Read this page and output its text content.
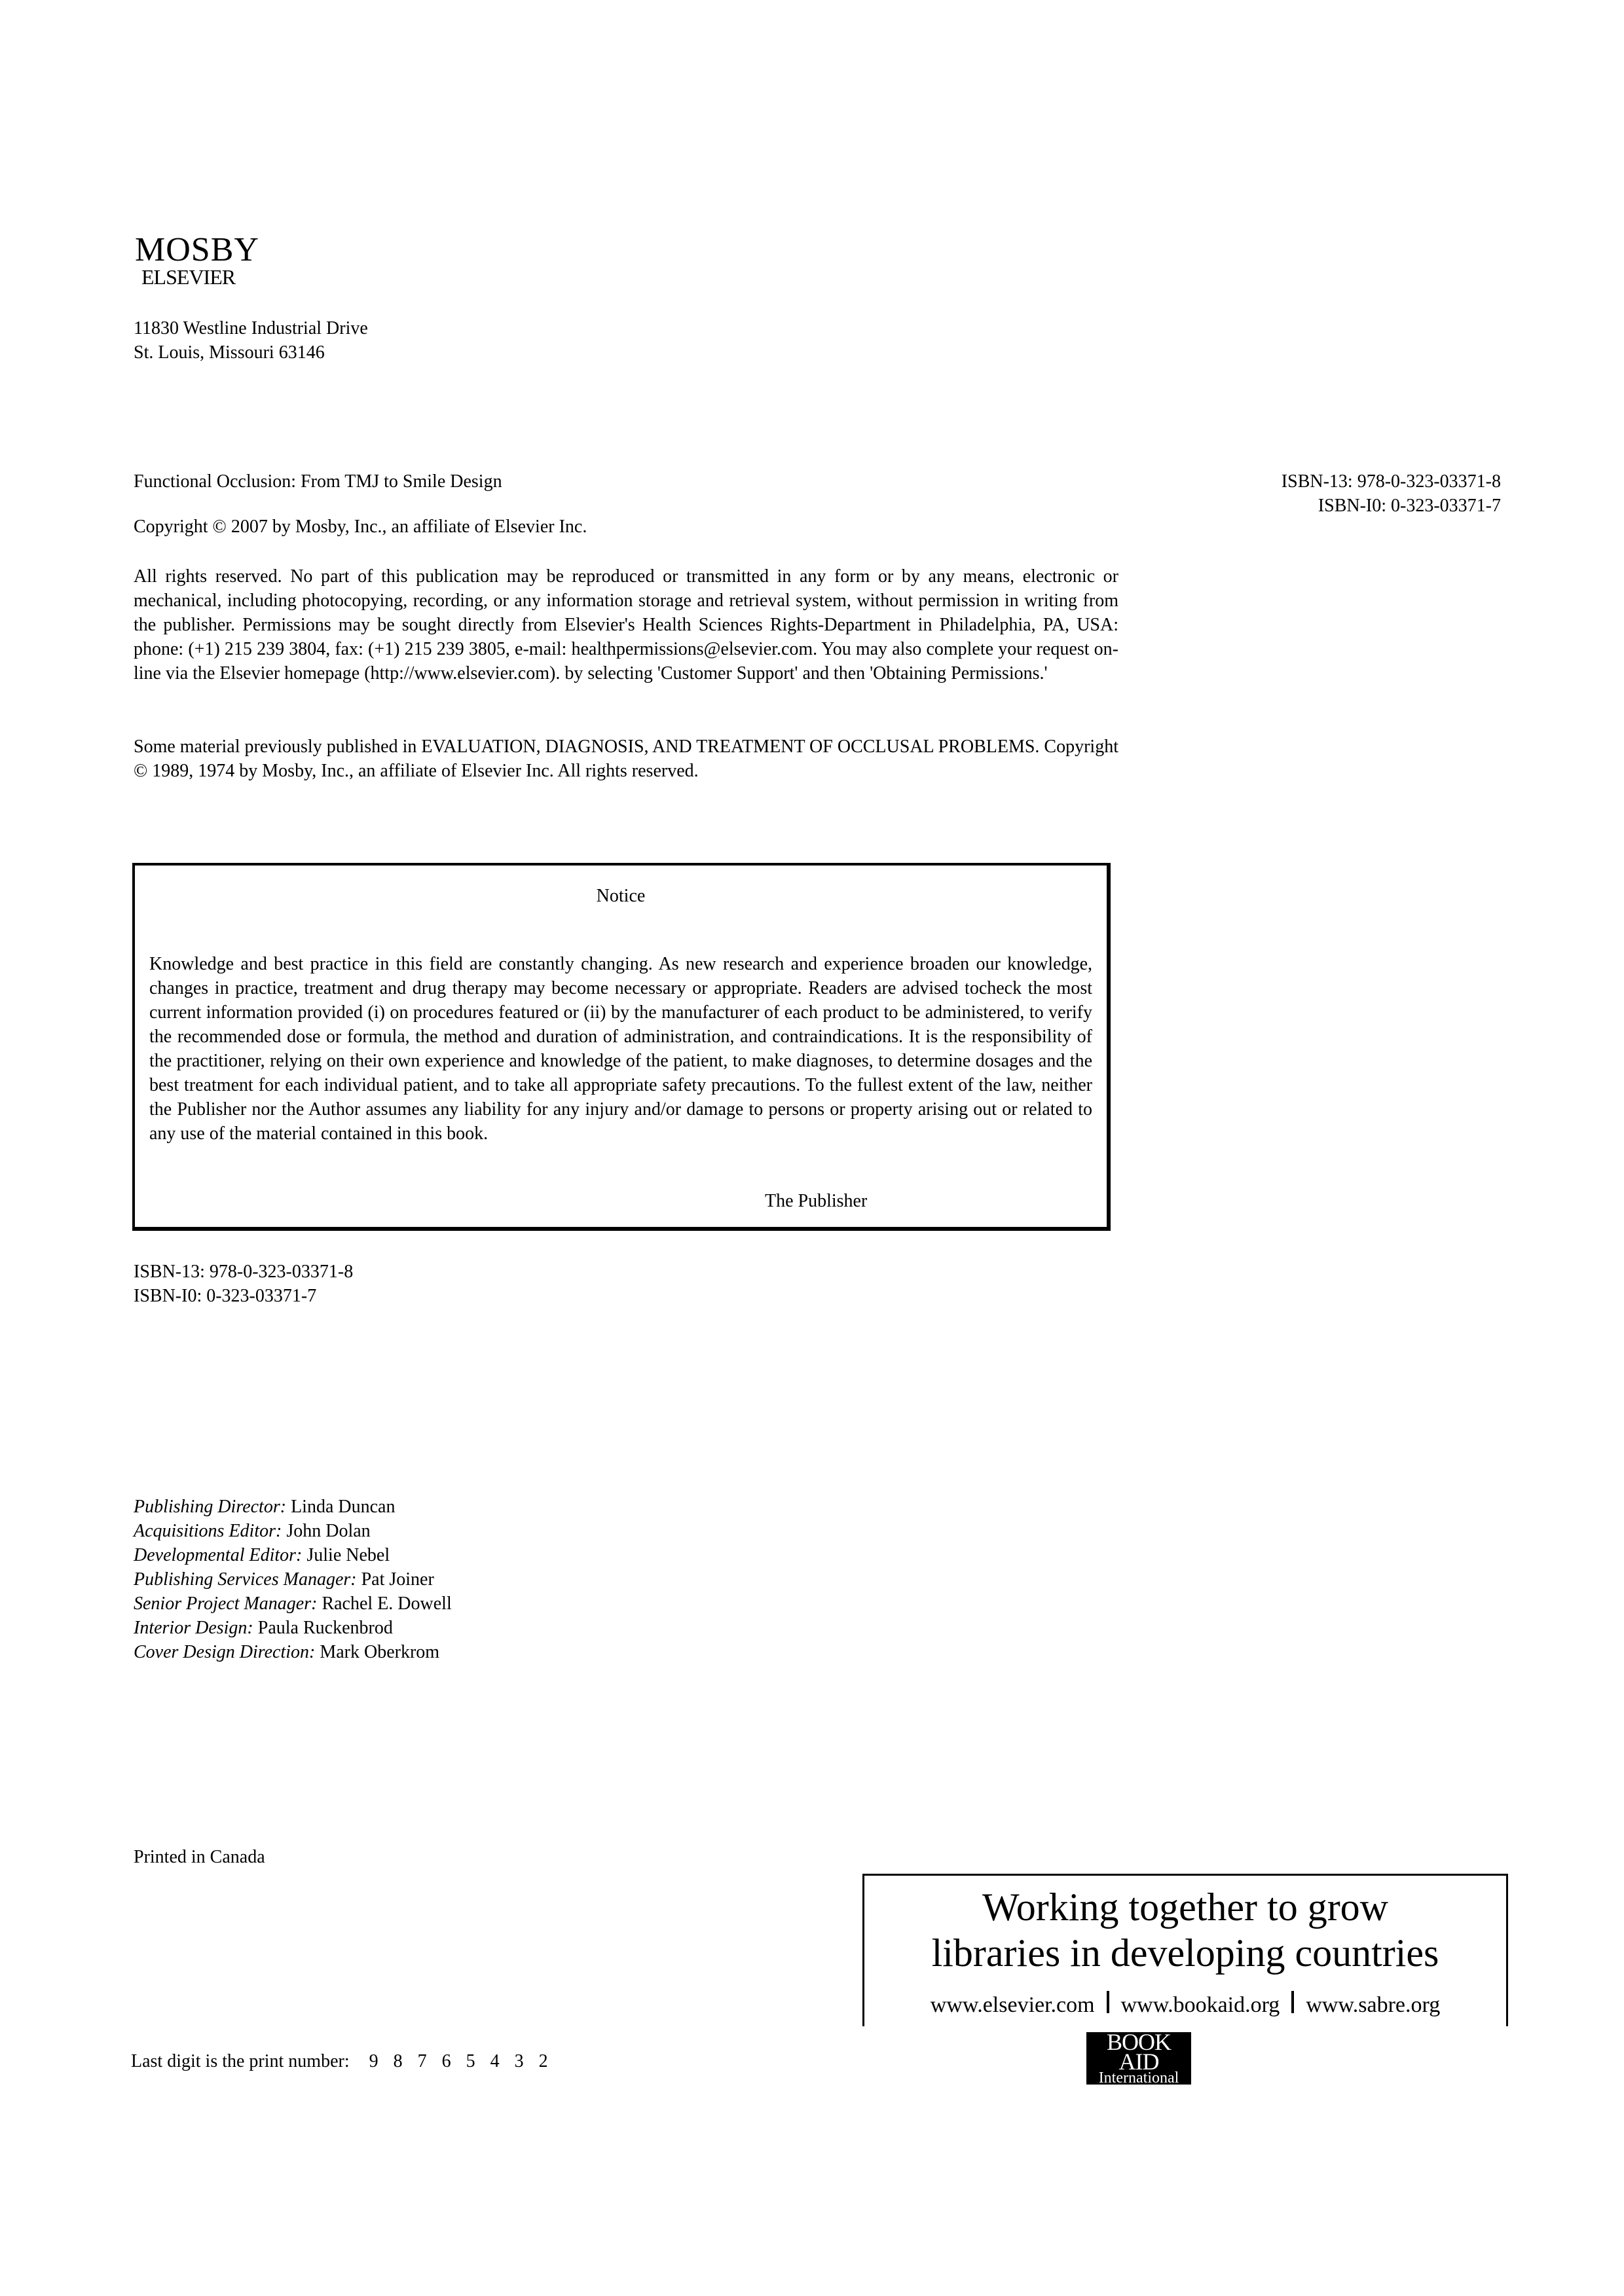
MOSBY
ELSEVIER
11830 Westline Industrial Drive
St. Louis, Missouri 63146
Functional Occlusion: From TMJ to Smile Design	ISBN-13: 978-0-323-03371-8
ISBN-I0: 0-323-03371-7
Copyright © 2007 by Mosby, Inc., an affiliate of Elsevier Inc.
All rights reserved. No part of this publication may be reproduced or transmitted in any form or by any means, electronic or mechanical, including photocopying, recording, or any information storage and retrieval system, without permission in writing from the publisher. Permissions may be sought directly from Elsevier's Health Sciences Rights-Department in Philadelphia, PA, USA: phone: (+1) 215 239 3804, fax: (+1) 215 239 3805, e-mail: healthpermissions@elsevier.com. You may also complete your request on-line via the Elsevier homepage (http://www.elsevier.com). by selecting 'Customer Support' and then 'Obtaining Permissions.'
Some material previously published in EVALUATION, DIAGNOSIS, AND TREATMENT OF OCCLUSAL PROBLEMS. Copyright © 1989, 1974 by Mosby, Inc., an affiliate of Elsevier Inc. All rights reserved.
Notice
Knowledge and best practice in this field are constantly changing. As new research and experience broaden our knowledge, changes in practice, treatment and drug therapy may become necessary or appropriate. Readers are advised tocheck the most current information provided (i) on procedures featured or (ii) by the manufacturer of each product to be administered, to verify the recommended dose or formula, the method and duration of administration, and contraindications. It is the responsibility of the practitioner, relying on their own experience and knowledge of the patient, to make diagnoses, to determine dosages and the best treatment for each individual patient, and to take all appropriate safety precautions. To the fullest extent of the law, neither the Publisher nor the Author assumes any liability for any injury and/or damage to persons or property arising out or related to any use of the material contained in this book.
The Publisher
ISBN-13: 978-0-323-03371-8
ISBN-I0: 0-323-03371-7
Publishing Director: Linda Duncan
Acquisitions Editor: John Dolan
Developmental Editor: Julie Nebel
Publishing Services Manager: Pat Joiner
Senior Project Manager: Rachel E. Dowell
Interior Design: Paula Ruckenbrod
Cover Design Direction: Mark Oberkrom
Printed in Canada
Last digit is the print number: 9 8 7 6 5 4 3 2
Working together to grow
libraries in developing countries
www.elsevier.com www.bookaid.org www.sabre.org
BOOK AID
International
